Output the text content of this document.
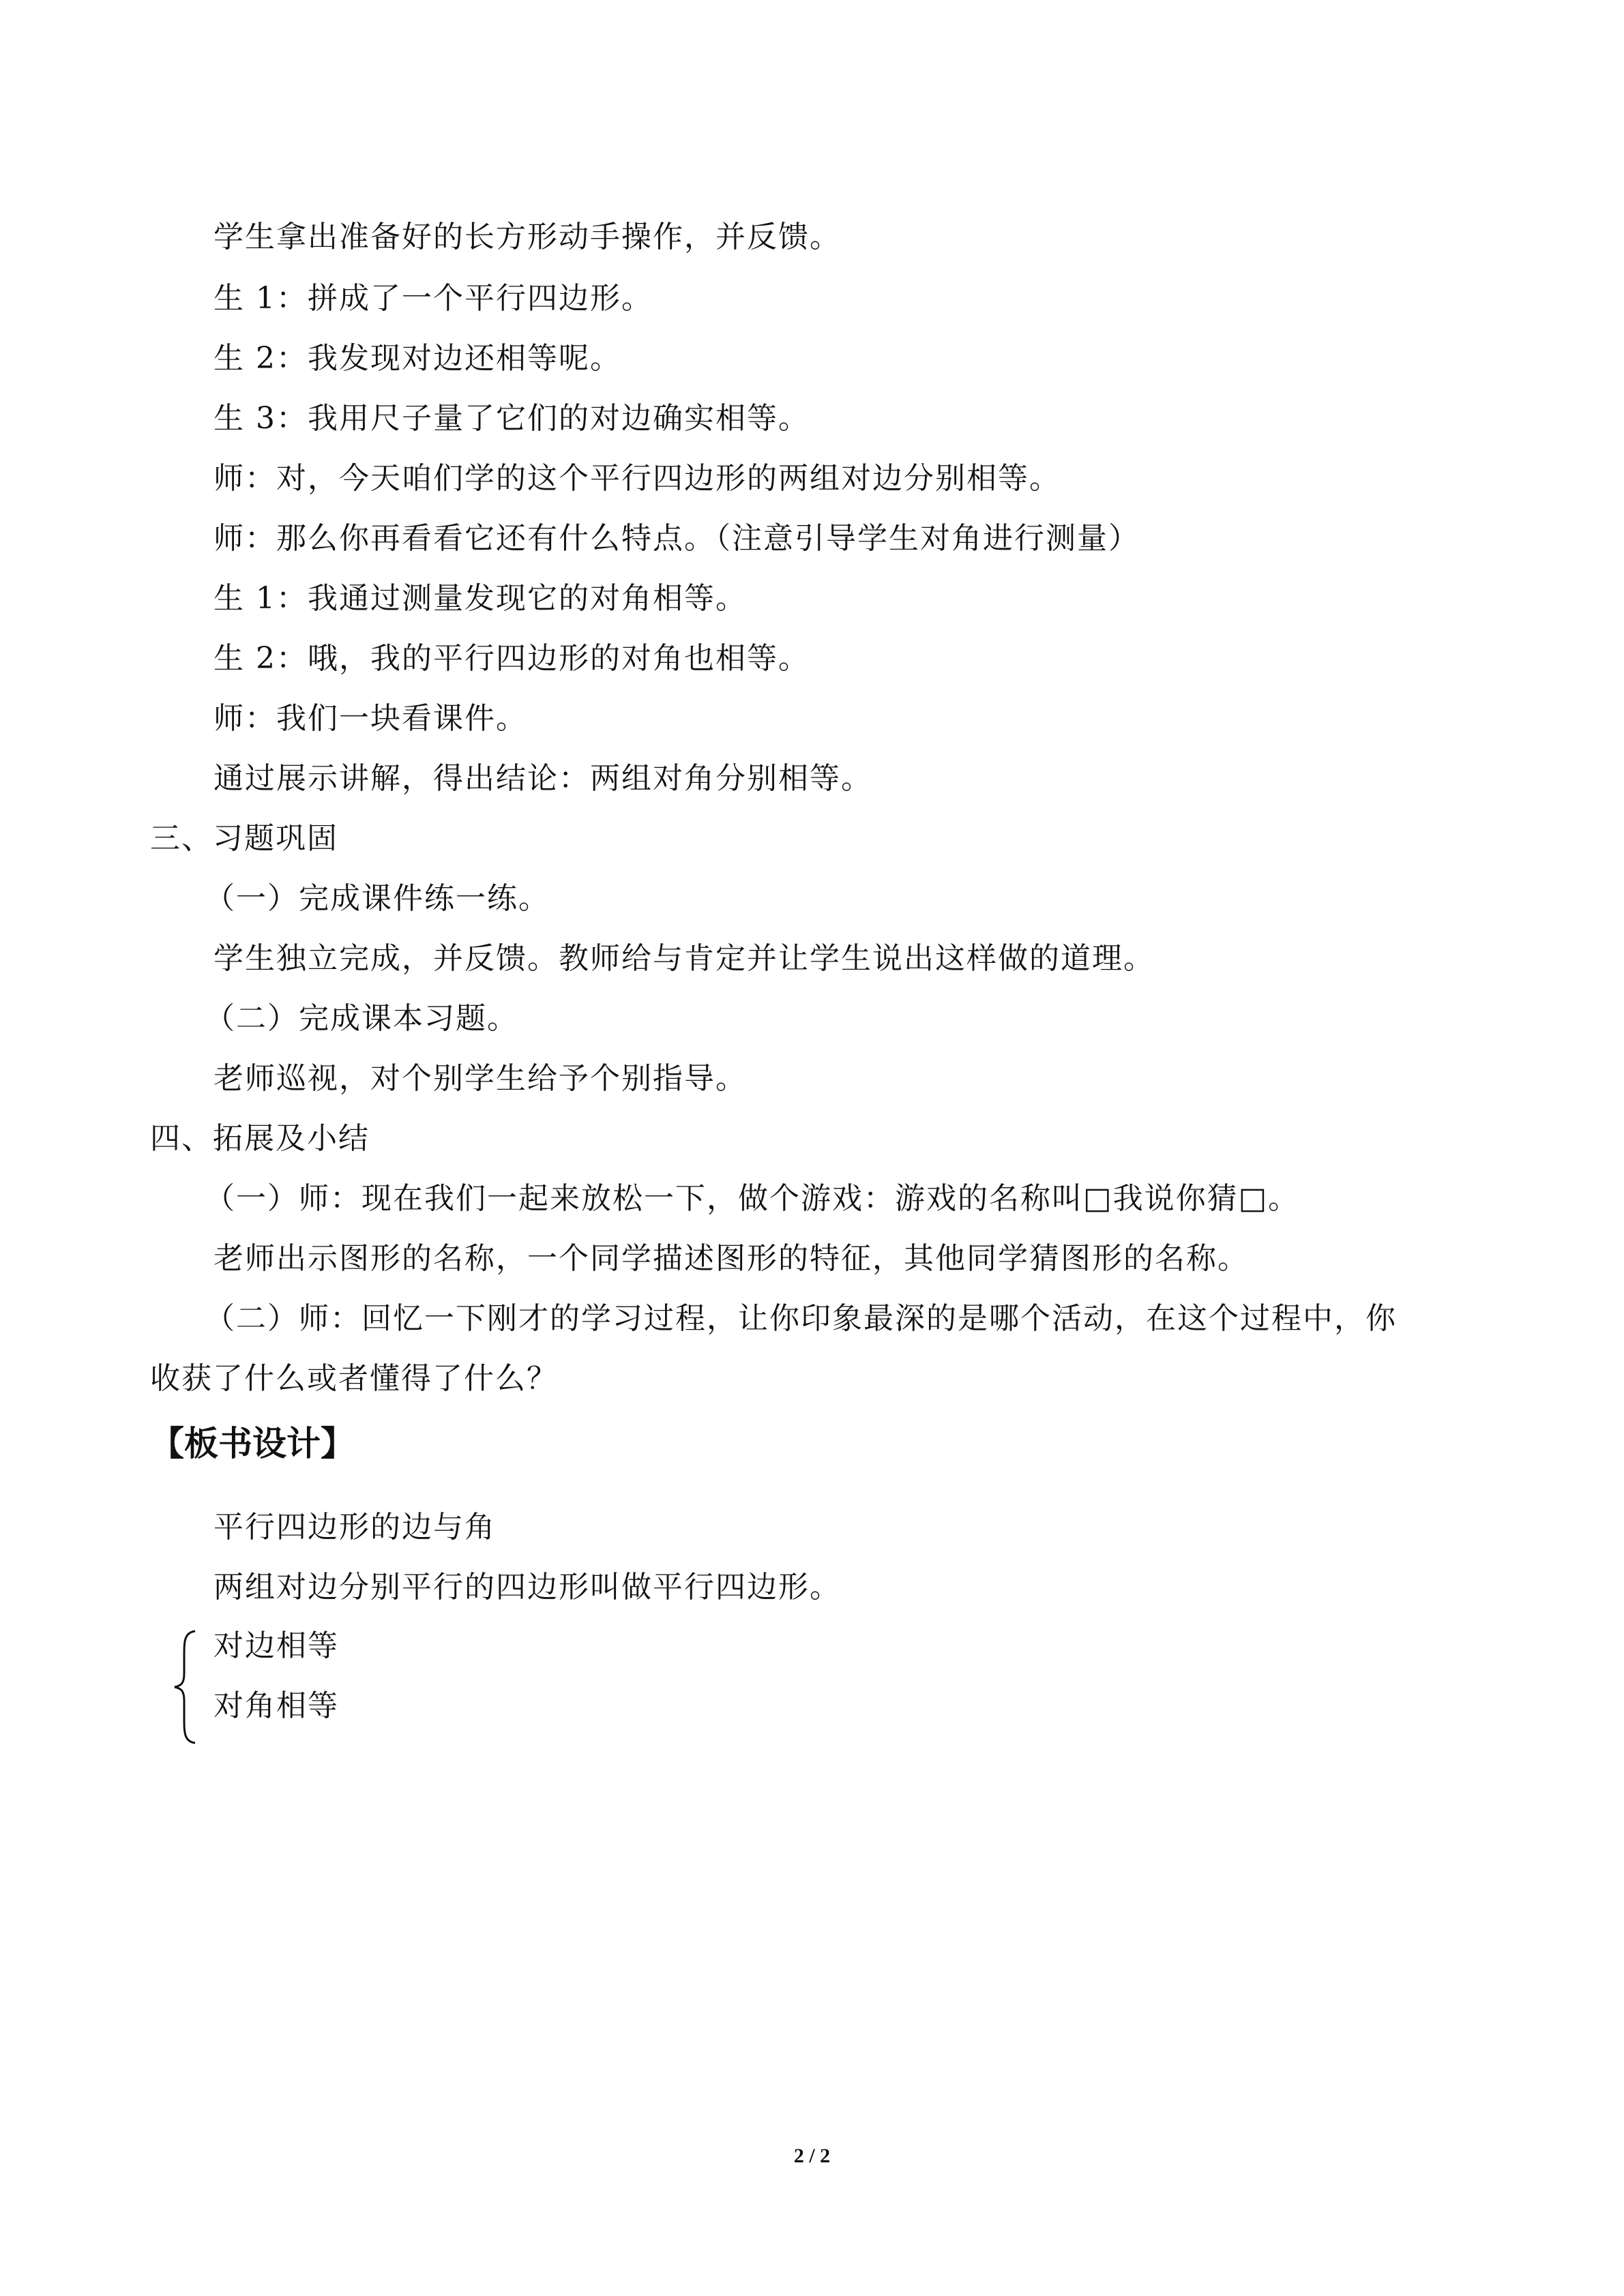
学生拿出准备好的长方形动手操作，并反馈。
生 1：拼成了一个平行四边形。
生 2：我发现对边还相等呢。
生 3：我用尺子量了它们的对边确实相等。
师：对，今天咱们学的这个平行四边形的两组对边分别相等。
师：那么你再看看它还有什么特点。（注意引导学生对角进行测量）
生 1：我通过测量发现它的对角相等。
生 2：哦，我的平行四边形的对角也相等。
师：我们一块看课件。
通过展示讲解，得出结论：两组对角分别相等。
三、习题巩固
（一）完成课件练一练。
学生独立完成，并反馈。教师给与肯定并让学生说出这样做的道理。
（二）完成课本习题。
老师巡视，对个别学生给予个别指导。
四、拓展及小结
（一）师：现在我们一起来放松一下，做个游戏：游戏的名称叫□我说你猜□。
老师出示图形的名称，一个同学描述图形的特征，其他同学猜图形的名称。
（二）师：回忆一下刚才的学习过程，让你印象最深的是哪个活动，在这个过程中，你
收获了什么或者懂得了什么？
【板书设计】
平行四边形的边与角
两组对边分别平行的四边形叫做平行四边形。
对边相等
对角相等
2 / 2
